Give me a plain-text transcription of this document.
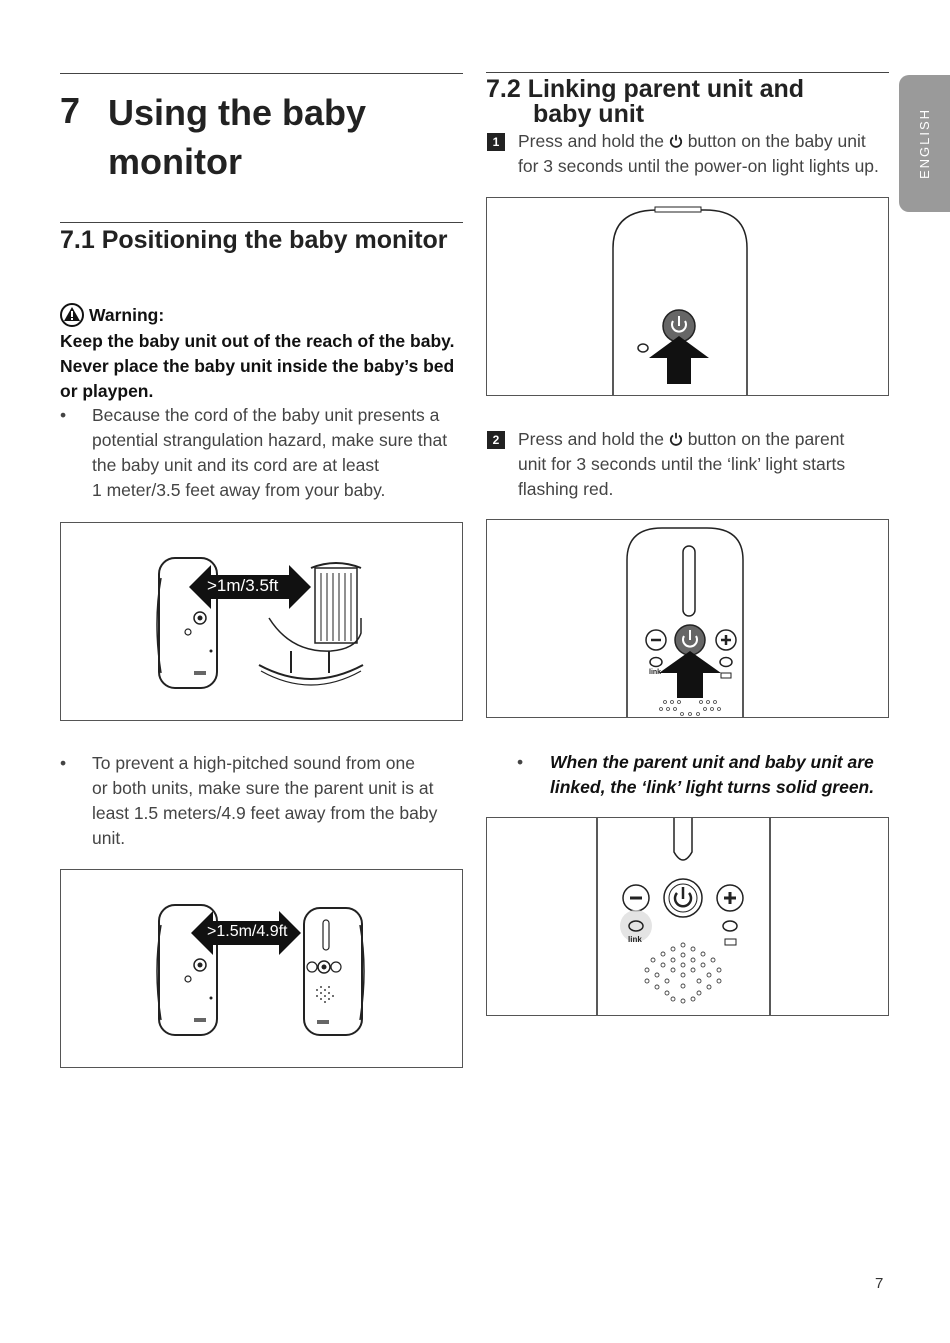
ENGLISH
7 Using the baby
monitor
7.1 Positioning the baby monitor
Warning:
Keep the baby unit out of the reach of the baby.
Never place the baby unit inside the baby’s bed
or playpen.
• Because the cord of the baby unit presents a
potential strangulation hazard, make sure that
the baby unit and its cord are at least
1 meter/3.5 feet away from your baby.
>1m/3.5ft
• To prevent a high-pitched sound from one
or both units, make sure the parent unit is at
least 1.5 meters/4.9 feet away from the baby
unit.
>1.5m/4.9ft
7.2 Linking parent unit and
baby unit
1	Press and hold the button on the baby unit
for 3 seconds until the power-on light lights up.
2	Press and hold the button on the parent
unit for 3 seconds until the ‘link’ light starts
flashing red.
link
• When the parent unit and baby unit are
linked, the ‘link’ light turns solid green.
link
7
